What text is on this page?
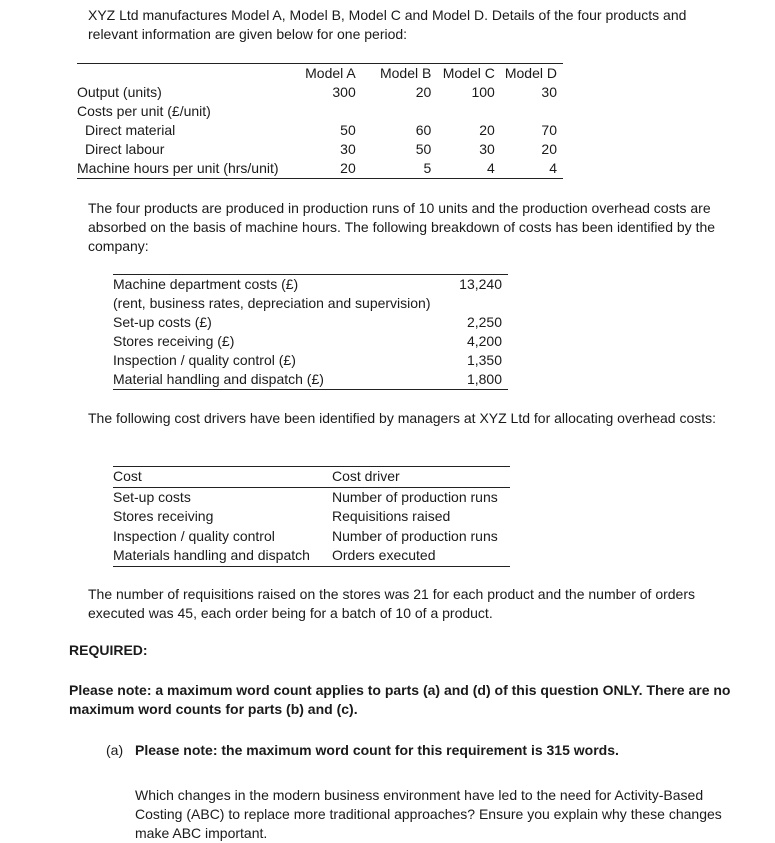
XYZ Ltd manufactures Model A, Model B, Model C and Model D. Details of the four products and relevant information are given below for one period:

	Model A	Model B	Model C	Model D
Output (units)	300	20	100	30
Costs per unit (£/unit)				
Direct material	50	60	20	70
Direct labour	30	50	30	20
Machine hours per unit (hrs/unit)	20	5	4	4

The four products are produced in production runs of 10 units and the production overhead costs are absorbed on the basis of machine hours. The following breakdown of costs has been identified by the company:

Machine department costs (£)	13,240
(rent, business rates, depreciation and supervision)	
Set-up costs (£)	2,250
Stores receiving (£)	4,200
Inspection / quality control (£)	1,350
Material handling and dispatch (£)	1,800

The following cost drivers have been identified by managers at XYZ Ltd for allocating overhead costs:

Cost	Cost driver
Set-up costs	Number of production runs
Stores receiving	Requisitions raised
Inspection / quality control	Number of production runs
Materials handling and dispatch	Orders executed

The number of requisitions raised on the stores was 21 for each product and the number of orders executed was 45, each order being for a batch of 10 of a product.

REQUIRED:

Please note: a maximum word count applies to parts (a) and (d) of this question ONLY. There are no maximum word counts for parts (b) and (c).

(a) Please note: the maximum word count for this requirement is 315 words.

Which changes in the modern business environment have led to the need for Activity-Based Costing (ABC) to replace more traditional approaches? Ensure you explain why these changes make ABC important.
